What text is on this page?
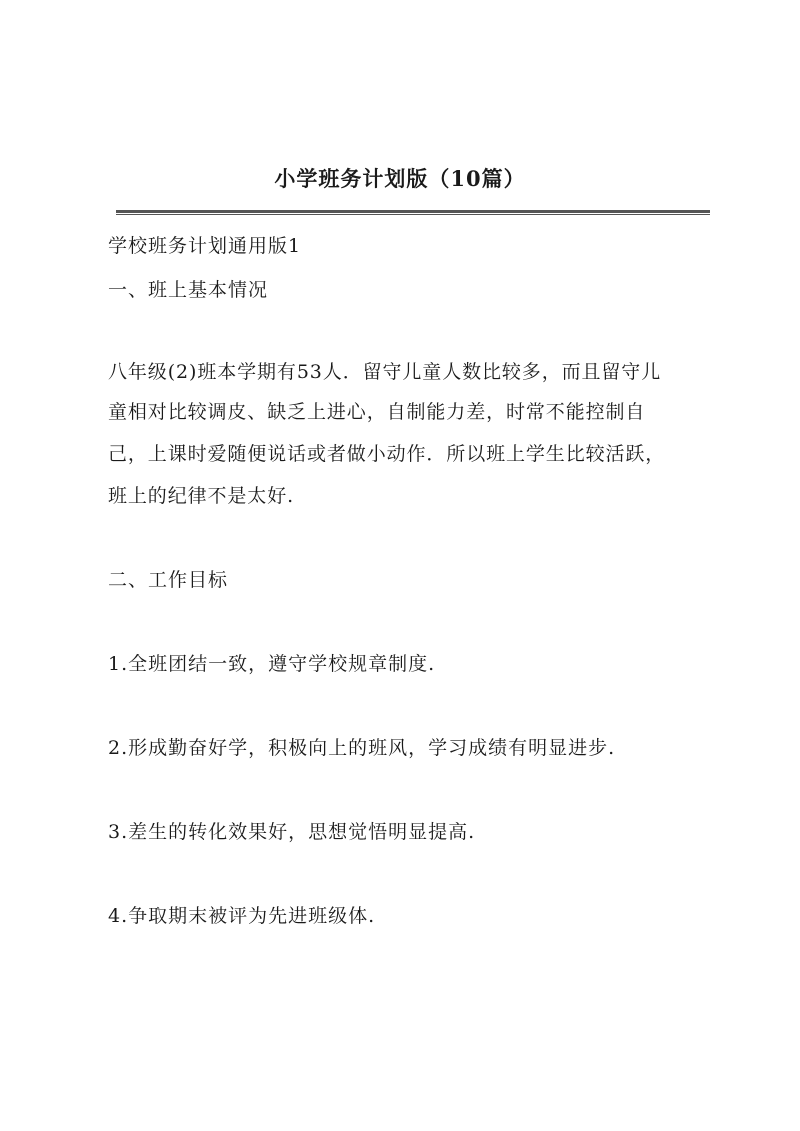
小学班务计划版（10篇）
学校班务计划通用版1
一、班上基本情况
八年级(2)班本学期有53人．留守儿童人数比较多，而且留守儿
童相对比较调皮、缺乏上进心，自制能力差，时常不能控制自
己，上课时爱随便说话或者做小动作．所以班上学生比较活跃，
班上的纪律不是太好.
二、工作目标
1.全班团结一致，遵守学校规章制度.
2.形成勤奋好学，积极向上的班风，学习成绩有明显进步.
3.差生的转化效果好，思想觉悟明显提高.
4.争取期末被评为先进班级体.
